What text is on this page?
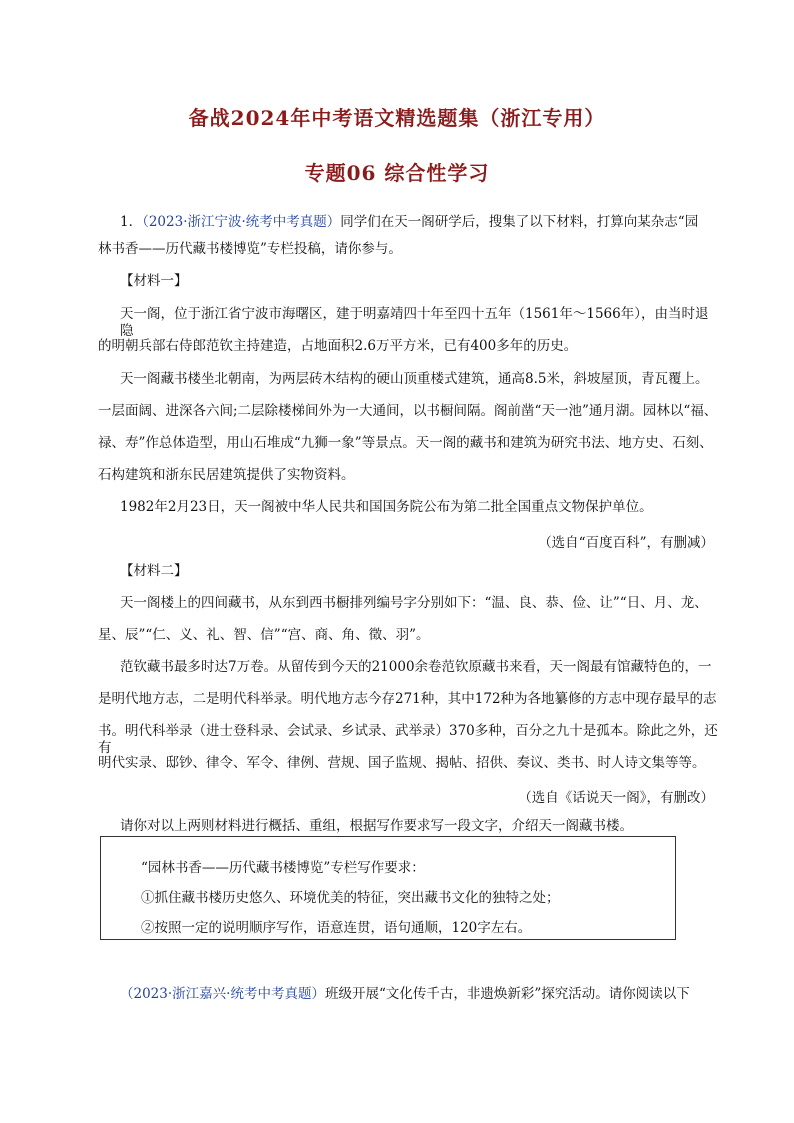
备战2024年中考语文精选题集（浙江专用）
专题06 综合性学习
1．（2023·浙江宁波·统考中考真题）同学们在天一阁研学后，搜集了以下材料，打算向某杂志“园
林书香——历代藏书楼博览”专栏投稿，请你参与。
【材料一】
天一阁，位于浙江省宁波市海曙区，建于明嘉靖四十年至四十五年（1561年～1566年），由当时退隐
的明朝兵部右侍郎范钦主持建造，占地面积2.6万平方米，已有400多年的历史。
天一阁藏书楼坐北朝南，为两层砖木结构的硬山顶重楼式建筑，通高8.5米，斜坡屋顶，青瓦覆上。
一层面阔、进深各六间;二层除楼梯间外为一大通间，以书橱间隔。阁前凿“天一池”通月湖。园林以“福、
禄、寿”作总体造型，用山石堆成“九狮一象”等景点。天一阁的藏书和建筑为研究书法、地方史、石刻、
石构建筑和浙东民居建筑提供了实物资料。
1982年2月23日，天一阁被中华人民共和国国务院公布为第二批全国重点文物保护单位。
（选自“百度百科”，有删减）
【材料二】
天一阁楼上的四间藏书，从东到西书橱排列编号字分别如下：“温、良、恭、俭、让”“日、月、龙、
星、辰”“仁、义、礼、智、信”“宫、商、角、徵、羽”。
范钦藏书最多时达7万卷。从留传到今天的21000余卷范钦原藏书来看，天一阁最有馆藏特色的，一
是明代地方志，二是明代科举录。明代地方志今存271种，其中172种为各地纂修的方志中现存最早的志
书。明代科举录（进士登科录、会试录、乡试录、武举录）370多种，百分之九十是孤本。除此之外，还有
明代实录、邸钞、律令、军令、律例、营规、国子监规、揭帖、招供、奏议、类书、时人诗文集等等。
（选自《话说天一阁》，有删改）
请你对以上两则材料进行概括、重组，根据写作要求写一段文字，介绍天一阁藏书楼。
“园林书香——历代藏书楼博览”专栏写作要求：
①抓住藏书楼历史悠久、环境优美的特征，突出藏书文化的独特之处；
②按照一定的说明顺序写作，语意连贯，语句通顺，120字左右。
（2023·浙江嘉兴·统考中考真题）班级开展“文化传千古，非遗焕新彩”探究活动。请你阅读以下
